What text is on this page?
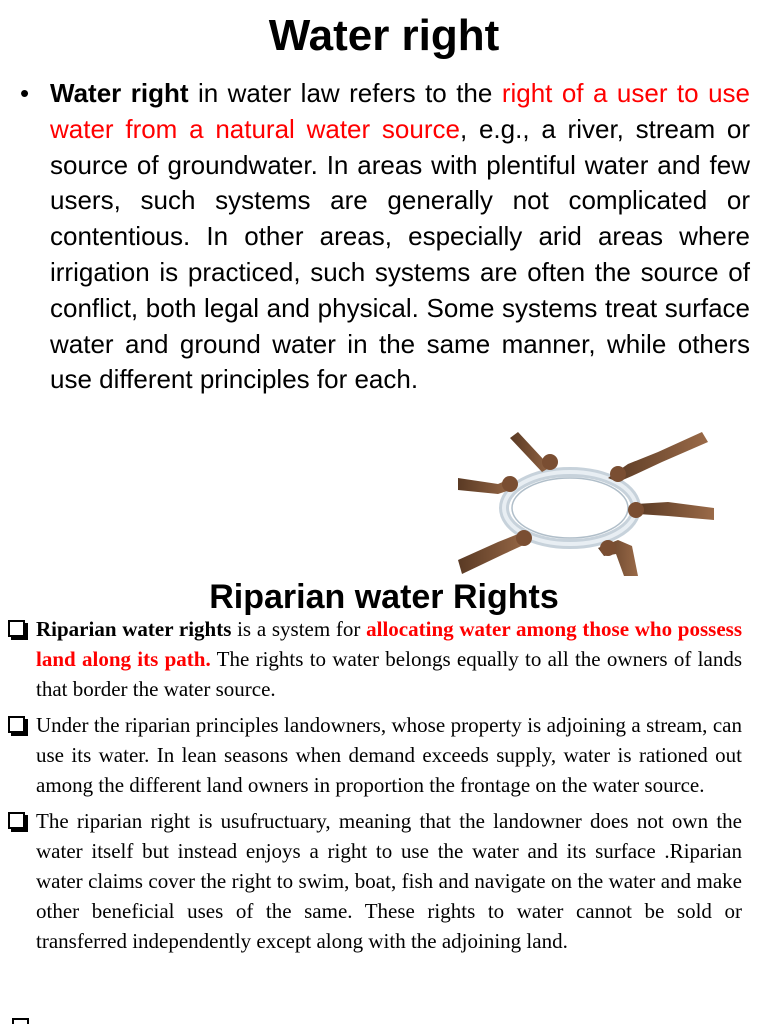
Water right
• Water right in water law refers to the right of a user to use water from a natural water source, e.g., a river, stream or source of groundwater. In areas with plentiful water and few users, such systems are generally not complicated or contentious. In other areas, especially arid areas where irrigation is practiced, such systems are often the source of conflict, both legal and physical. Some systems treat surface water and ground water in the same manner, while others use different principles for each.
Riparian water Rights
Riparian water rights is a system for allocating water among those who possess land along its path. The rights to water belongs equally to all the owners of lands that border the water source.
Under the riparian principles landowners, whose property is adjoining a stream, can use its water. In lean seasons when demand exceeds supply, water is rationed out among the different land owners in proportion the frontage on the water source.
The riparian right is usufructuary, meaning that the landowner does not own the water itself but instead enjoys a right to use the water and its surface .Riparian water claims cover the right to swim, boat, fish and navigate on the water and make other beneficial uses of the same. These rights to water cannot be sold or transferred independently except along with the adjoining land.
